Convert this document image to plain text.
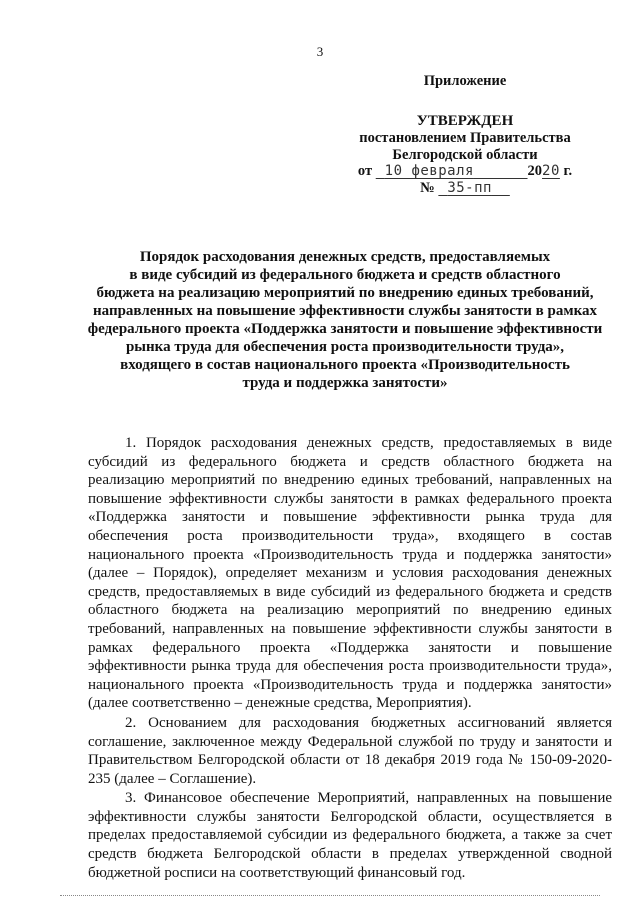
3
Приложение
УТВЕРЖДЕН
постановлением Правительства
Белгородской области
от  10 февраля	2020 г.
№  35-пп
Порядок расходования денежных средств, предоставляемых
в виде субсидий из федерального бюджета и средств областного
бюджета на реализацию мероприятий по внедрению единых требований,
направленных на повышение эффективности службы занятости в рамках
федерального проекта «Поддержка занятости и повышение эффективности
рынка труда для обеспечения роста производительности труда»,
входящего в состав национального проекта «Производительность
труда и поддержка занятости»

1. Порядок расходования денежных средств, предоставляемых в виде субсидий из федерального бюджета и средств областного бюджета на реализацию мероприятий по внедрению единых требований, направленных на повышение эффективности службы занятости в рамках федерального проекта «Поддержка занятости и повышение эффективности рынка труда для обеспечения роста производительности труда», входящего в состав национального проекта «Производительность труда и поддержка занятости» (далее – Порядок), определяет механизм и условия расходования денежных средств, предоставляемых в виде субсидий из федерального бюджета и средств областного бюджета на реализацию мероприятий по внедрению единых требований, направленных на повышение эффективности службы занятости в рамках федерального проекта «Поддержка занятости и повышение эффективности рынка труда для обеспечения роста производительности труда», национального проекта «Производительность труда и поддержка занятости» (далее соответственно – денежные средства, Мероприятия).

2. Основанием для расходования бюджетных ассигнований является соглашение, заключенное между Федеральной службой по труду и занятости и Правительством Белгородской области от 18 декабря 2019 года № 150-09-2020-235 (далее – Соглашение).

3. Финансовое обеспечение Мероприятий, направленных на повышение эффективности службы занятости Белгородской области, осуществляется в пределах предоставляемой субсидии из федерального бюджета, а также за счет средств бюджета Белгородской области в пределах утвержденной сводной бюджетной росписи на соответствующий финансовый год.
